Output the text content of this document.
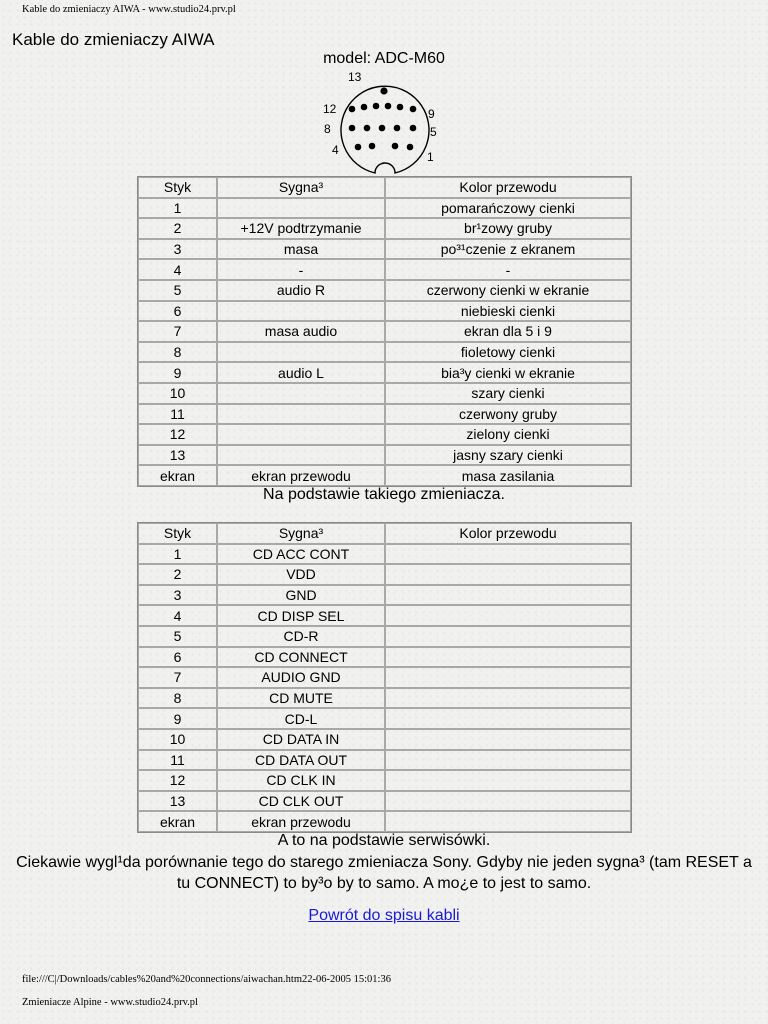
Kable do zmieniaczy AIWA - www.studio24.prv.pl
Kable do zmieniaczy AIWA
model: ADC-M60
13
12	9
8	5
4	1
Styk	Sygna³	Kolor przewodu
1		pomarańczowy cienki
2	+12V podtrzymanie	br¹zowy gruby
3	masa	po³¹czenie z ekranem
4	-	-
5	audio R	czerwony cienki w ekranie
6		niebieski cienki
7	masa audio	ekran dla 5 i 9
8		fioletowy cienki
9	audio L	bia³y cienki w ekranie
10		szary cienki
11		czerwony gruby
12		zielony cienki
13		jasny szary cienki
ekran	ekran przewodu	masa zasilania
Na podstawie takiego zmieniacza.
Styk	Sygna³	Kolor przewodu
1	CD ACC CONT	
2	VDD	
3	GND	
4	CD DISP SEL	
5	CD-R	
6	CD CONNECT	
7	AUDIO GND	
8	CD MUTE	
9	CD-L	
10	CD DATA IN	
11	CD DATA OUT	
12	CD CLK IN	
13	CD CLK OUT	
ekran	ekran przewodu	
A to na podstawie serwisówki.
Ciekawie wygl¹da porównanie tego do starego zmieniacza Sony. Gdyby nie jeden sygna³ (tam RESET a tu CONNECT) to by³o by to samo. A mo¿e to jest to samo.
Powrót do spisu kabli
file:///C|/Downloads/cables%20and%20connections/aiwachan.htm22-06-2005 15:01:36
Zmieniacze Alpine - www.studio24.prv.pl
